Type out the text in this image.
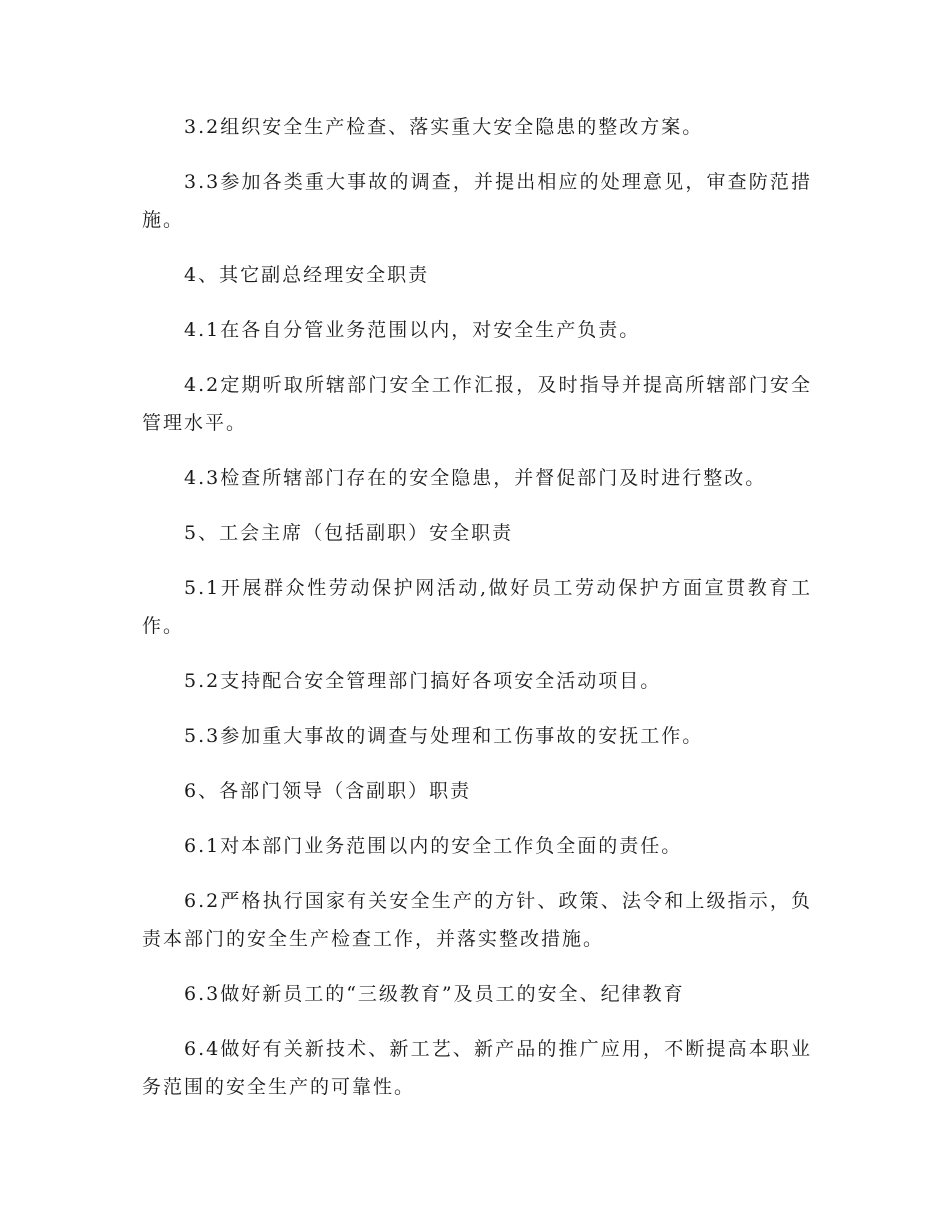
3.2组织安全生产检查、落实重大安全隐患的整改方案。

3.3参加各类重大事故的调查，并提出相应的处理意见，审查防范措施。

4、其它副总经理安全职责

4.1在各自分管业务范围以内，对安全生产负责。

4.2定期听取所辖部门安全工作汇报，及时指导并提高所辖部门安全管理水平。

4.3检查所辖部门存在的安全隐患，并督促部门及时进行整改。

5、工会主席（包括副职）安全职责

5.1开展群众性劳动保护网活动,做好员工劳动保护方面宣贯教育工作。

5.2支持配合安全管理部门搞好各项安全活动项目。

5.3参加重大事故的调查与处理和工伤事故的安抚工作。

6、各部门领导（含副职）职责

6.1对本部门业务范围以内的安全工作负全面的责任。

6.2严格执行国家有关安全生产的方针、政策、法令和上级指示，负责本部门的安全生产检查工作，并落实整改措施。

6.3做好新员工的“三级教育”及员工的安全、纪律教育

6.4做好有关新技术、新工艺、新产品的推广应用，不断提高本职业务范围的安全生产的可靠性。
